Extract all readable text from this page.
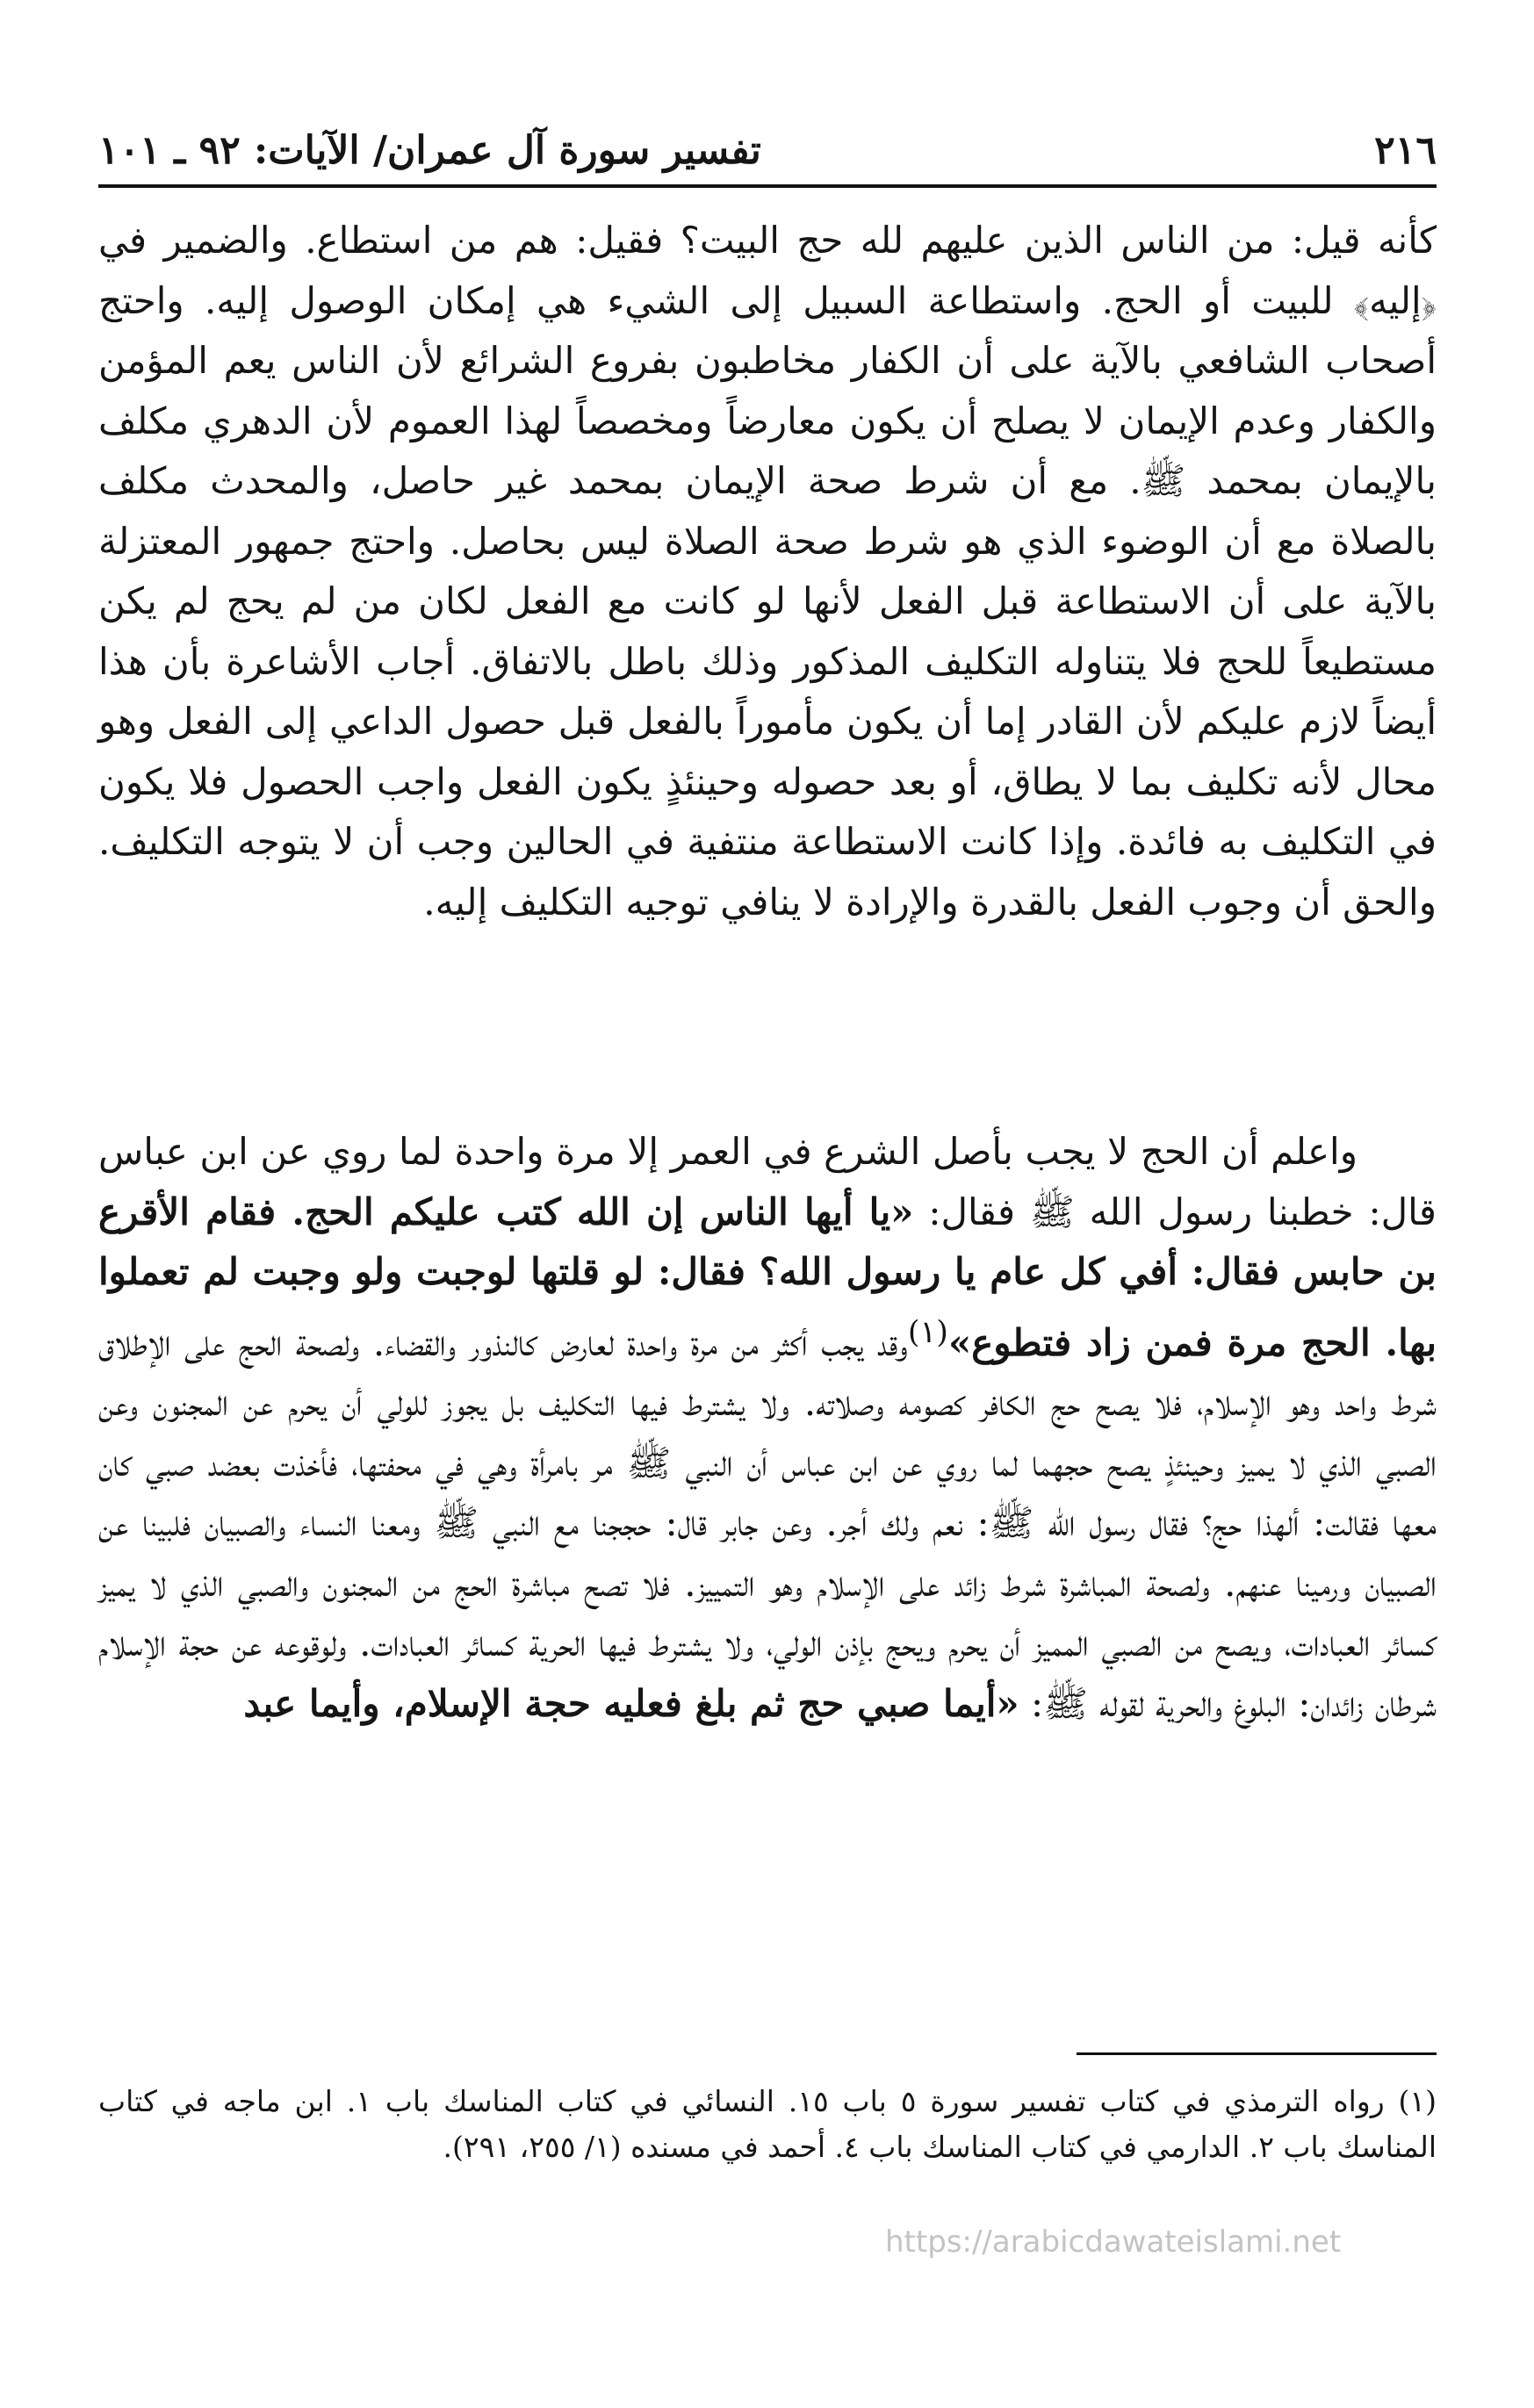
٢١٦
تفسير سورة آل عمران/ الآيات: ٩٢ ـ ١٠١

كأنه قيل: من الناس الذين عليهم لله حج البيت؟ فقيل: هم من استطاع. والضمير في ﴿إليه﴾ للبيت أو الحج. واستطاعة السبيل إلى الشيء هي إمكان الوصول إليه. واحتج أصحاب الشافعي بالآية على أن الكفار مخاطبون بفروع الشرائع لأن الناس يعم المؤمن والكفار وعدم الإيمان لا يصلح أن يكون معارضاً ومخصصاً لهذا العموم لأن الدهري مكلف بالإيمان بمحمد ﷺ. مع أن شرط صحة الإيمان بمحمد غير حاصل، والمحدث مكلف بالصلاة مع أن الوضوء الذي هو شرط صحة الصلاة ليس بحاصل. واحتج جمهور المعتزلة بالآية على أن الاستطاعة قبل الفعل لأنها لو كانت مع الفعل لكان من لم يحج لم يكن مستطيعاً للحج فلا يتناوله التكليف المذكور وذلك باطل بالاتفاق. أجاب الأشاعرة بأن هذا أيضاً لازم عليكم لأن القادر إما أن يكون مأموراً بالفعل قبل حصول الداعي إلى الفعل وهو محال لأنه تكليف بما لا يطاق، أو بعد حصوله وحينئذٍ يكون الفعل واجب الحصول فلا يكون في التكليف به فائدة. وإذا كانت الاستطاعة منتفية في الحالين وجب أن لا يتوجه التكليف. والحق أن وجوب الفعل بالقدرة والإرادة لا ينافي توجيه التكليف إليه.

واعلم أن الحج لا يجب بأصل الشرع في العمر إلا مرة واحدة لما روي عن ابن عباس قال: خطبنا رسول الله ﷺ فقال: «يا أيها الناس إن الله كتب عليكم الحج. فقام الأقرع بن حابس فقال: أفي كل عام يا رسول الله؟ فقال: لو قلتها لوجبت ولو وجبت لم تعملوا بها. الحج مرة فمن زاد فتطوع»$^{(١)}$وقد يجب أكثر من مرة واحدة لعارض كالنذور والقضاء. ولصحة الحج على الإطلاق شرط واحد وهو الإسلام، فلا يصح حج الكافر كصومه وصلاته. ولا يشترط فيها التكليف بل يجوز للولي أن يحرم عن المجنون وعن الصبي الذي لا يميز وحينئذٍ يصح حجهما لما روي عن ابن عباس أن النبي ﷺ مر بامرأة وهي في محفتها، فأخذت بعضد صبي كان معها فقالت: ألهذا حج؟ فقال رسول الله ﷺ: نعم ولك أجر. وعن جابر قال: حججنا مع النبي ﷺ ومعنا النساء والصبيان فلبينا عن الصبيان ورمينا عنهم. ولصحة المباشرة شرط زائد على الإسلام وهو التمييز. فلا تصح مباشرة الحج من المجنون والصبي الذي لا يميز كسائر العبادات، ويصح من الصبي المميز أن يحرم ويحج بإذن الولي، ولا يشترط فيها الحرية كسائر العبادات. ولوقوعه عن حجة الإسلام شرطان زائدان: البلوغ والحرية لقوله ﷺ: «أيما صبي حج ثم بلغ فعليه حجة الإسلام، وأيما عبد

(١) رواه الترمذي في كتاب تفسير سورة ٥ باب ١٥. النسائي في كتاب المناسك باب ١. ابن ماجه في كتاب المناسك باب ٢. الدارمي في كتاب المناسك باب ٤. أحمد في مسنده (١/ ٢٥٥، ٢٩١).

https://arabicdawateislami.net
